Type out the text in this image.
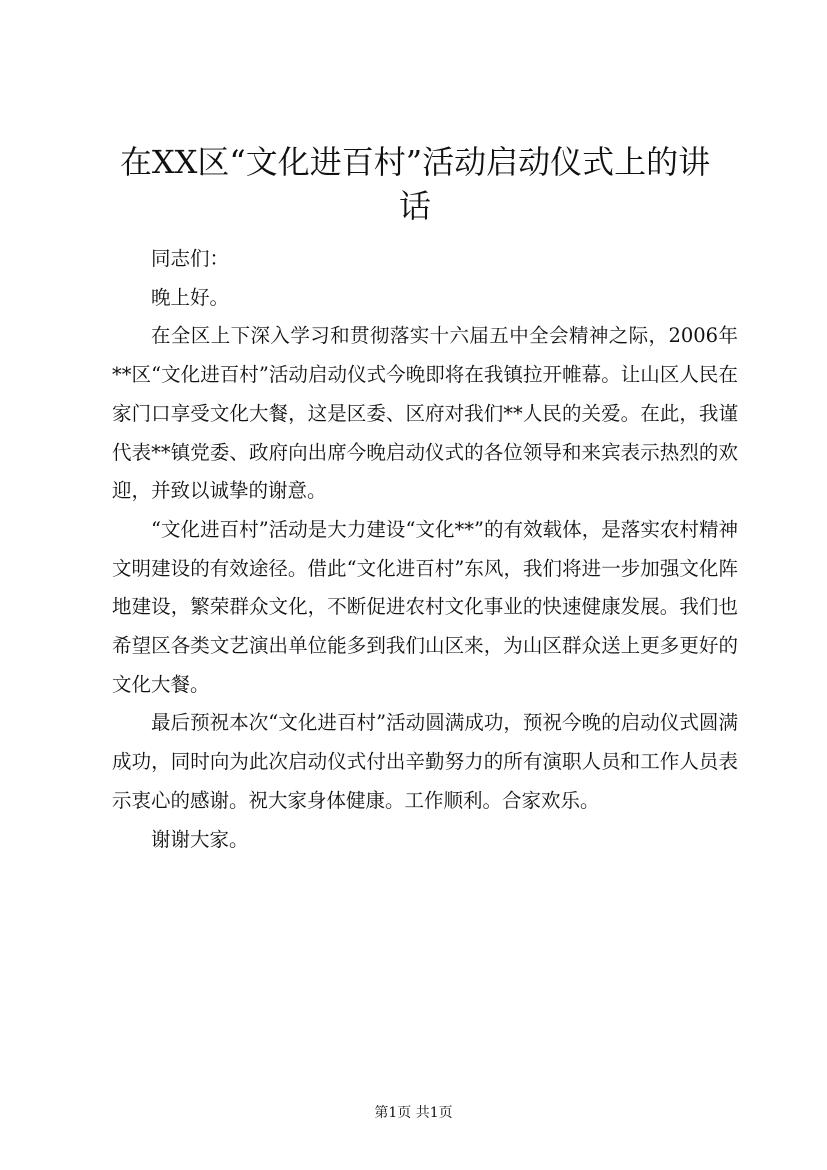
在XX区“文化进百村”活动启动仪式上的讲
话

同志们：

晚上好。

在全区上下深入学习和贯彻落实十六届五中全会精神之际，2006年**区“文化进百村”活动启动仪式今晚即将在我镇拉开帷幕。让山区人民在家门口享受文化大餐，这是区委、区府对我们**人民的关爱。在此，我谨代表**镇党委、政府向出席今晚启动仪式的各位领导和来宾表示热烈的欢迎，并致以诚挚的谢意。

“文化进百村”活动是大力建设“文化**”的有效载体，是落实农村精神文明建设的有效途径。借此“文化进百村”东风，我们将进一步加强文化阵地建设，繁荣群众文化，不断促进农村文化事业的快速健康发展。我们也希望区各类文艺演出单位能多到我们山区来，为山区群众送上更多更好的文化大餐。

最后预祝本次“文化进百村”活动圆满成功，预祝今晚的启动仪式圆满成功，同时向为此次启动仪式付出辛勤努力的所有演职人员和工作人员表示衷心的感谢。祝大家身体健康。工作顺利。合家欢乐。

谢谢大家。

第1页 共1页
